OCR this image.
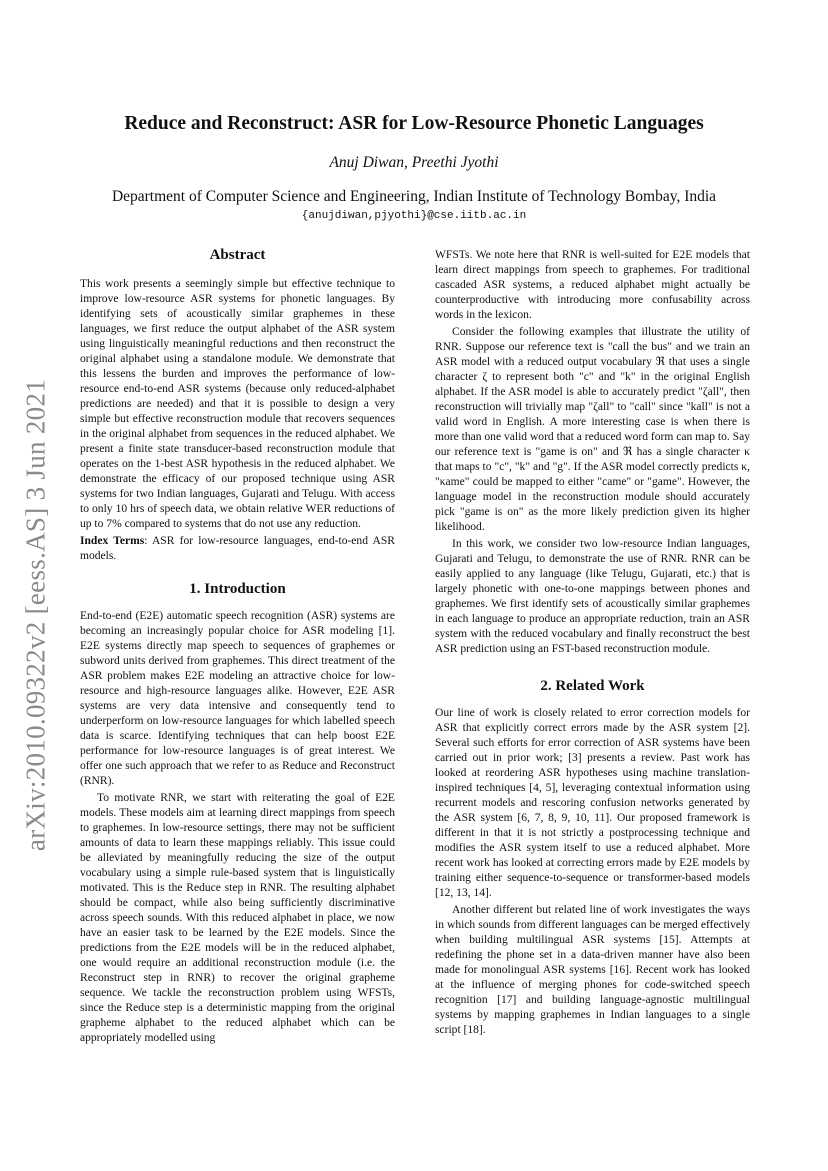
arXiv:2010.09322v2 [eess.AS] 3 Jun 2021
Reduce and Reconstruct: ASR for Low-Resource Phonetic Languages
Anuj Diwan, Preethi Jyothi
Department of Computer Science and Engineering, Indian Institute of Technology Bombay, India
{anujdiwan,pjyothi}@cse.iitb.ac.in
Abstract

This work presents a seemingly simple but effective technique to improve low-resource ASR systems for phonetic languages. By identifying sets of acoustically similar graphemes in these languages, we first reduce the output alphabet of the ASR system using linguistically meaningful reductions and then reconstruct the original alphabet using a standalone module. We demonstrate that this lessens the burden and improves the performance of low-resource end-to-end ASR systems (because only reduced-alphabet predictions are needed) and that it is possible to design a very simple but effective reconstruction module that recovers sequences in the original alphabet from sequences in the reduced alphabet. We present a finite state transducer-based reconstruction module that operates on the 1-best ASR hypothesis in the reduced alphabet. We demonstrate the efficacy of our proposed technique using ASR systems for two Indian languages, Gujarati and Telugu. With access to only 10 hrs of speech data, we obtain relative WER reductions of up to 7% compared to systems that do not use any reduction.

Index Terms: ASR for low-resource languages, end-to-end ASR models.

1. Introduction

End-to-end (E2E) automatic speech recognition (ASR) systems are becoming an increasingly popular choice for ASR modeling [1]. E2E systems directly map speech to sequences of graphemes or subword units derived from graphemes. This direct treatment of the ASR problem makes E2E modeling an attractive choice for low-resource and high-resource languages alike. However, E2E ASR systems are very data intensive and consequently tend to underperform on low-resource languages for which labelled speech data is scarce. Identifying techniques that can help boost E2E performance for low-resource languages is of great interest. We offer one such approach that we refer to as Reduce and Reconstruct (RNR).

To motivate RNR, we start with reiterating the goal of E2E models. These models aim at learning direct mappings from speech to graphemes. In low-resource settings, there may not be sufficient amounts of data to learn these mappings reliably. This issue could be alleviated by meaningfully reducing the size of the output vocabulary using a simple rule-based system that is linguistically motivated. This is the Reduce step in RNR. The resulting alphabet should be compact, while also being sufficiently discriminative across speech sounds. With this reduced alphabet in place, we now have an easier task to be learned by the E2E models. Since the predictions from the E2E models will be in the reduced alphabet, one would require an additional reconstruction module (i.e. the Reconstruct step in RNR) to recover the original grapheme sequence. We tackle the reconstruction problem using WFSTs, since the Reduce step is a deterministic mapping from the original grapheme alphabet to the reduced alphabet which can be appropriately modelled using

WFSTs. We note here that RNR is well-suited for E2E models that learn direct mappings from speech to graphemes. For traditional cascaded ASR systems, a reduced alphabet might actually be counterproductive with introducing more confusability across words in the lexicon.

Consider the following examples that illustrate the utility of RNR. Suppose our reference text is "call the bus" and we train an ASR model with a reduced output vocabulary ℜ that uses a single character ζ to represent both "c" and "k" in the original English alphabet. If the ASR model is able to accurately predict "ζall", then reconstruction will trivially map "ζall" to "call" since "kall" is not a valid word in English. A more interesting case is when there is more than one valid word that a reduced word form can map to. Say our reference text is "game is on" and ℜ has a single character κ that maps to "c", "k" and "g". If the ASR model correctly predicts κ, "κame" could be mapped to either "came" or "game". However, the language model in the reconstruction module should accurately pick "game is on" as the more likely prediction given its higher likelihood.

In this work, we consider two low-resource Indian languages, Gujarati and Telugu, to demonstrate the use of RNR. RNR can be easily applied to any language (like Telugu, Gujarati, etc.) that is largely phonetic with one-to-one mappings between phones and graphemes. We first identify sets of acoustically similar graphemes in each language to produce an appropriate reduction, train an ASR system with the reduced vocabulary and finally reconstruct the best ASR prediction using an FST-based reconstruction module.

2. Related Work

Our line of work is closely related to error correction models for ASR that explicitly correct errors made by the ASR system [2]. Several such efforts for error correction of ASR systems have been carried out in prior work; [3] presents a review. Past work has looked at reordering ASR hypotheses using machine translation-inspired techniques [4, 5], leveraging contextual information using recurrent models and rescoring confusion networks generated by the ASR system [6, 7, 8, 9, 10, 11]. Our proposed framework is different in that it is not strictly a postprocessing technique and modifies the ASR system itself to use a reduced alphabet. More recent work has looked at correcting errors made by E2E models by training either sequence-to-sequence or transformer-based models [12, 13, 14].

Another different but related line of work investigates the ways in which sounds from different languages can be merged effectively when building multilingual ASR systems [15]. Attempts at redefining the phone set in a data-driven manner have also been made for monolingual ASR systems [16]. Recent work has looked at the influence of merging phones for code-switched speech recognition [17] and building language-agnostic multilingual systems by mapping graphemes in Indian languages to a single script [18].
